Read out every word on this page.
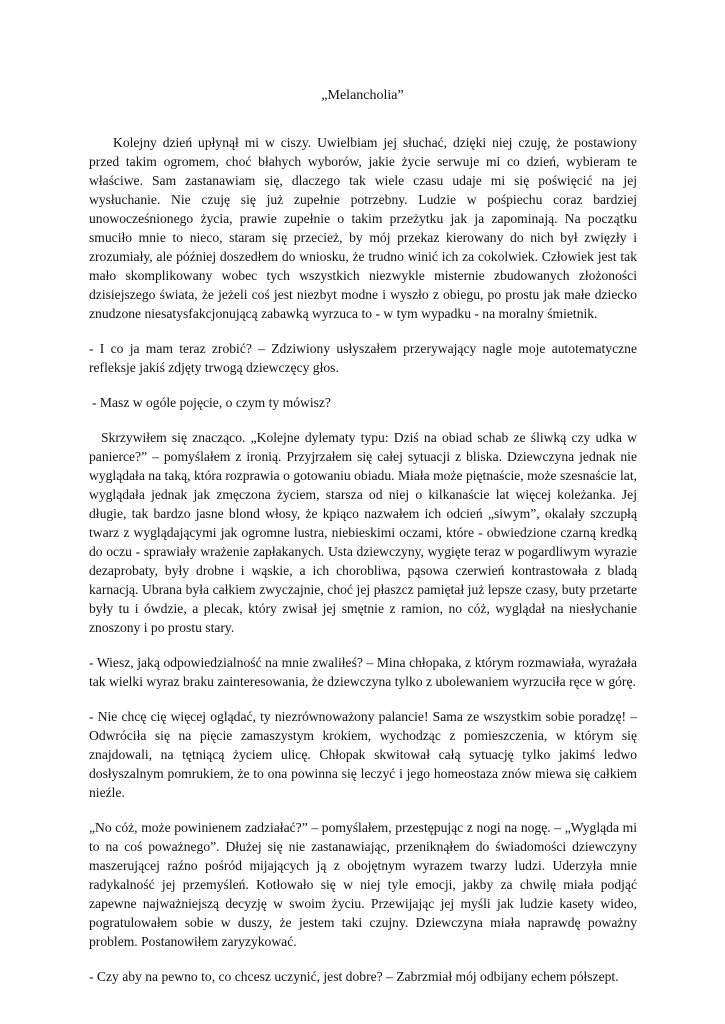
„Melancholia”

Kolejny dzień upłynął mi w ciszy. Uwielbiam jej słuchać, dzięki niej czuję, że postawiony przed takim ogromem, choć błahych wyborów, jakie życie serwuje mi co dzień, wybieram te właściwe. Sam zastanawiam się, dlaczego tak wiele czasu udaje mi się poświęcić na jej wysłuchanie. Nie czuję się już zupełnie potrzebny. Ludzie w pośpiechu coraz bardziej unowocześnionego życia, prawie zupełnie o takim przeżytku jak ja zapominają. Na początku smuciło mnie to nieco, staram się przecież, by mój przekaz kierowany do nich był zwięzły i zrozumiały, ale później doszedłem do wniosku, że trudno winić ich za cokolwiek. Człowiek jest tak mało skomplikowany wobec tych wszystkich niezwykle misternie zbudowanych złożoności dzisiejszego świata, że jeżeli coś jest niezbyt modne i wyszło z obiegu, po prostu jak małe dziecko znudzone niesatysfakcjonującą zabawką wyrzuca to - w tym wypadku - na moralny śmietnik.

- I co ja mam teraz zrobić? – Zdziwiony usłyszałem przerywający nagle moje autotematyczne refleksje jakiś zdjęty trwogą dziewczęcy głos.

- Masz w ogóle pojęcie, o czym ty mówisz?

Skrzywiłem się znacząco. „Kolejne dylematy typu: Dziś na obiad schab ze śliwką czy udka w panierce?” – pomyślałem z ironią. Przyjrzałem się całej sytuacji z bliska. Dziewczyna jednak nie wyglądała na taką, która rozprawia o gotowaniu obiadu. Miała może piętnaście, może szesnaście lat, wyglądała jednak jak zmęczona życiem, starsza od niej o kilkanaście lat więcej koleżanka. Jej długie, tak bardzo jasne blond włosy, że kpiąco nazwałem ich odcień „siwym”, okalały szczupłą twarz z wyglądającymi jak ogromne lustra, niebieskimi oczami, które - obwiedzione czarną kredką do oczu - sprawiały wrażenie zapłakanych. Usta dziewczyny, wygięte teraz w pogardliwym wyrazie dezaprobaty, były drobne i wąskie, a ich chorobliwa, pąsowa czerwień kontrastowała z bladą karnacją. Ubrana była całkiem zwyczajnie, choć jej płaszcz pamiętał już lepsze czasy, buty przetarte były tu i ówdzie, a plecak, który zwisał jej smętnie z ramion, no cóż, wyglądał na niesłychanie znoszony i po prostu stary.

- Wiesz, jaką odpowiedzialność na mnie zwaliłeś? – Mina chłopaka, z którym rozmawiała, wyrażała tak wielki wyraz braku zainteresowania, że dziewczyna tylko z ubolewaniem wyrzuciła ręce w górę.

- Nie chcę cię więcej oglądać, ty niezrównoważony palancie! Sama ze wszystkim sobie poradzę! – Odwróciła się na pięcie zamaszystym krokiem, wychodząc z pomieszczenia, w którym się znajdowali, na tętniącą życiem ulicę. Chłopak skwitował całą sytuację tylko jakimś ledwo dosłyszalnym pomrukiem, że to ona powinna się leczyć i jego homeostaza znów miewa się całkiem nieźle.

„No cóż, może powinienem zadziałać?” – pomyślałem, przestępując z nogi na nogę. – „Wygląda mi to na coś poważnego”. Dłużej się nie zastanawiając, przeniknąłem do świadomości dziewczyny maszerującej raźno pośród mijających ją z obojętnym wyrazem twarzy ludzi. Uderzyła mnie radykalność jej przemyśleń. Kotłowało się w niej tyle emocji, jakby za chwilę miała podjąć zapewne najważniejszą decyzję w swoim życiu. Przewijając jej myśli jak ludzie kasety wideo, pogratulowałem sobie w duszy, że jestem taki czujny. Dziewczyna miała naprawdę poważny problem. Postanowiłem zaryzykować.

- Czy aby na pewno to, co chcesz uczynić, jest dobre? – Zabrzmiał mój odbijany echem półszept.
